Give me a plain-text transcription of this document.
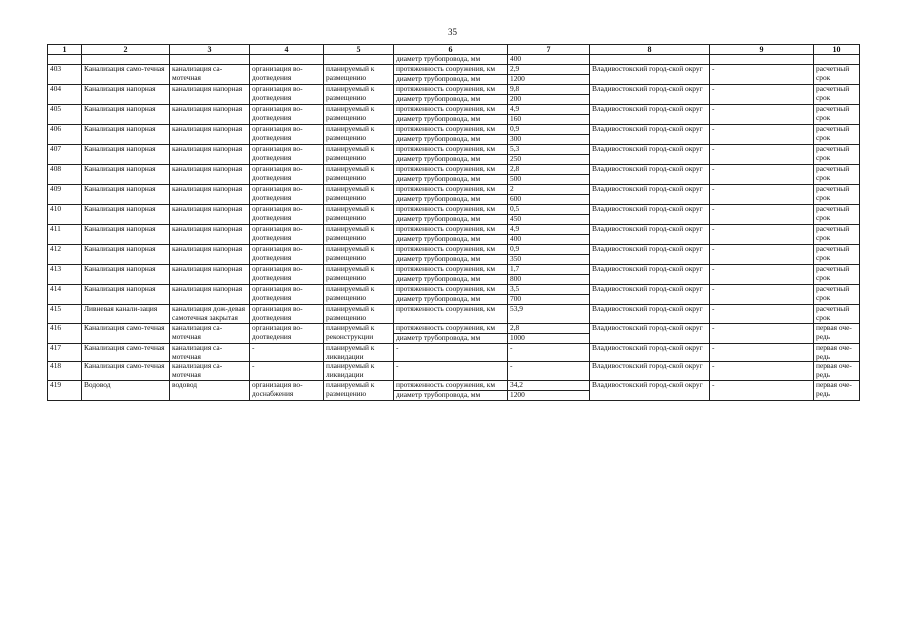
35
1	2	3	4	5	6	7	8	9	10
					диаметр трубопровода, мм	400			
403	Канализация само-течная	канализация са-мотечная	организация во-доотведения	планируемый к размещению	протяженность сооружения, км	2,9	Владивостокский город-ской округ	-	расчетный срок
					диаметр трубопровода, мм	1200			
404	Канализация напорная	канализация напорная	организация во-доотведения	планируемый к размещению	протяженность сооружения, км	9,8	Владивостокский город-ской округ	-	расчетный срок
					диаметр трубопровода, мм	200			
405	Канализация напорная	канализация напорная	организация во-доотведения	планируемый к размещению	протяженность сооружения, км	4,9	Владивостокский город-ской округ	-	расчетный срок
					диаметр трубопровода, мм	160			
406	Канализация напорная	канализация напорная	организация во-доотведения	планируемый к размещению	протяженность сооружения, км	0,9	Владивостокский город-ской округ	-	расчетный срок
					диаметр трубопровода, мм	300			
407	Канализация напорная	канализация напорная	организация во-доотведения	планируемый к размещению	протяженность сооружения, км	5,3	Владивостокский город-ской округ	-	расчетный срок
					диаметр трубопровода, мм	250			
408	Канализация напорная	канализация напорная	организация во-доотведения	планируемый к размещению	протяженность сооружения, км	2,8	Владивостокский город-ской округ	-	расчетный срок
					диаметр трубопровода, мм	500			
409	Канализация напорная	канализация напорная	организация во-доотведения	планируемый к размещению	протяженность сооружения, км	2	Владивостокский город-ской округ	-	расчетный срок
					диаметр трубопровода, мм	600			
410	Канализация напорная	канализация напорная	организация во-доотведения	планируемый к размещению	протяженность сооружения, км	0,5	Владивостокский город-ской округ	-	расчетный срок
					диаметр трубопровода, мм	450			
411	Канализация напорная	канализация напорная	организация во-доотведения	планируемый к размещению	протяженность сооружения, км	4,9	Владивостокский город-ской округ	-	расчетный срок
					диаметр трубопровода, мм	400			
412	Канализация напорная	канализация напорная	организация во-доотведения	планируемый к размещению	протяженность сооружения, км	0,9	Владивостокский город-ской округ	-	расчетный срок
					диаметр трубопровода, мм	350			
413	Канализация напорная	канализация напорная	организация во-доотведения	планируемый к размещению	протяженность сооружения, км	1,7	Владивостокский город-ской округ	-	расчетный срок
					диаметр трубопровода, мм	800			
414	Канализация напорная	канализация напорная	организация во-доотведения	планируемый к размещению	протяженность сооружения, км	3,5	Владивостокский город-ской округ	-	расчетный срок
					диаметр трубопровода, мм	700			
415	Ливневая канали-зация	канализация дож-девая самотечная закрытая	организация во-доотведения	планируемый к размещению	протяженность сооружения, км	53,9	Владивостокский город-ской округ	-	расчетный срок
416	Канализация само-течная	канализация са-мотечная	организация во-доотведения	планируемый к реконструкции	протяженность сооружения, км	2,8	Владивостокский город-ской округ	-	первая оче-редь
					диаметр трубопровода, мм	1000			
417	Канализация само-течная	канализация са-мотечная	-	планируемый к ликвидации	-	-	Владивостокский город-ской округ	-	первая оче-редь
418	Канализация само-течная	канализация са-мотечная	-	планируемый к ликвидации	-	-	Владивостокский город-ской округ	-	первая оче-редь
419	Водовод	водовод	организация во-доснабжения	планируемый к размещению	протяженность сооружения, км	34,2	Владивостокский город-ской округ	-	первая оче-редь
					диаметр трубопровода, мм	1200			
